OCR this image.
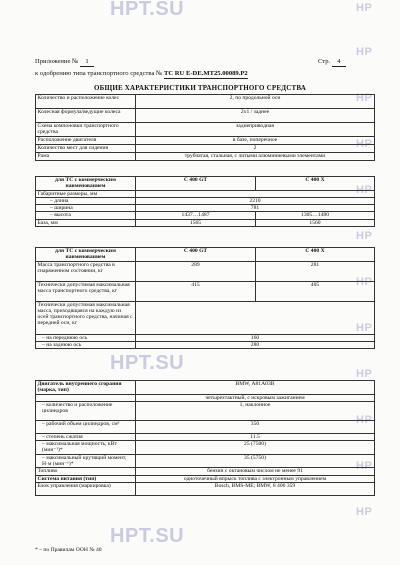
HPT.SU
HPT.SU
HPT.SU
HP
HP
HP
HP
HP
HP
HP
HP
HP
HP
HP
HP
Приложение № 1	Стр. 4
к одобрению типа транспортного средства № ТС RU E-DE.МТ25.00089.Р2
ОБЩИЕ ХАРАКТЕРИСТИКИ ТРАНСПОРТНОГО СРЕДСТВА
Количество и расположение колес	2, по продольной оси
Колесная формула/ведущие колеса	2х1 / заднее
Схема компоновки транспортного средства	заднеприводная
Расположение двигателя	в базе, поперечное
Количество мест для сидения	2
Рама	трубчатая, стальная, с литыми алюминиевыми элементами
для ТС с коммерческим наименованием	C 400 GT	C 400 X
Габаритные размеры, мм		
– длина	2210	
– ширина	781	
– высота	1437…1487	1305…1480
База, мм	1565	1560
для ТС с коммерческим наименованием	C 400 GT	C 400 X
Масса транспортного средства в снаряженном состоянии, кг	289	281
Технически допустимая максимальная масса транспортного средства, кг	415	405
Технически допустимая максимальная масса, приходящаяся на каждую из осей транспортного средства, начиная с передней оси, кг		
– на переднюю ось	160	
– на заднюю ось	280	
Двигатель внутреннего сгорания (марка, тип)	BMW, A81A03B
	четырехтактный, с искровым зажиганием
– количество и расположение цилиндров	1, наклонное
– рабочий объем цилиндров, см³	350
– степень сжатия	11.5
– максимальная мощность, кВт (мин⁻¹)*	25 (7500)
– максимальный крутящий момент, Н·м (мин⁻¹)*	35 (5750)
Топливо	бензин с октановым числом не менее 91
Система питания (тип)	одноточечный впрыск топлива с электронным управлением
Блок управления (маркировка)	Bosch, BMS-ME; BMW, 8 406 359
* – по Правилам ООН № 40
